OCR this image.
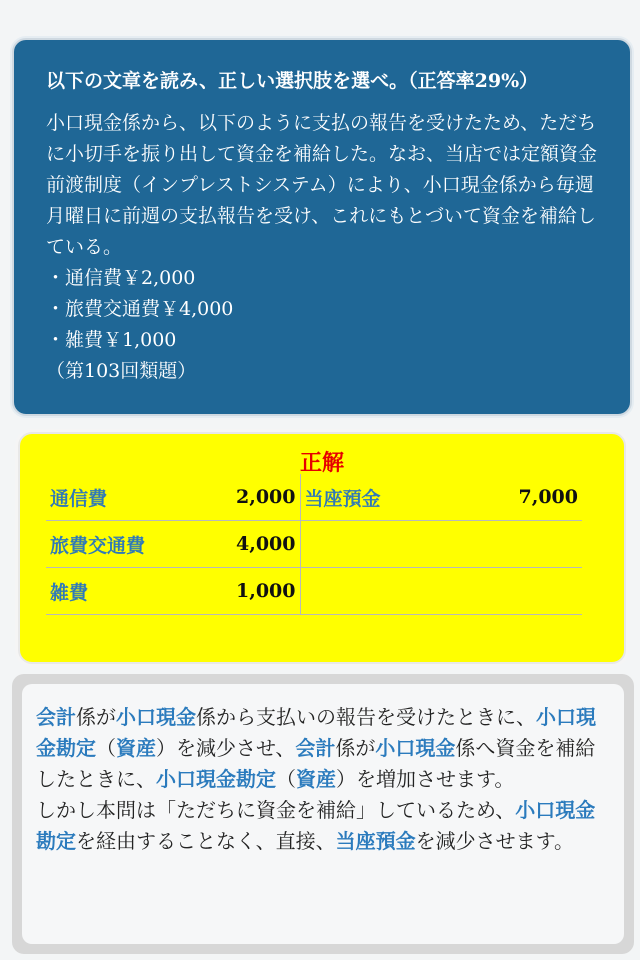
以下の文章を読み、正しい選択肢を選べ。（正答率29%）
小口現金係から、以下のように支払の報告を受けたため、ただちに小切手を振り出して資金を補給した。なお、当店では定額資金前渡制度（インプレストシステム）により、小口現金係から毎週月曜日に前週の支払報告を受け、これにもとづいて資金を補給している。
・通信費￥2,000
・旅費交通費￥4,000
・雑費￥1,000
（第103回類題）
正解
通信費	2,000	当座預金	7,000
旅費交通費	4,000		
雑費	1,000		
会計係が小口現金係から支払いの報告を受けたときに、小口現金勘定（資産）を減少させ、会計係が小口現金係へ資金を補給したときに、小口現金勘定（資産）を増加させます。
しかし本問は「ただちに資金を補給」しているため、小口現金勘定を経由することなく、直接、当座預金を減少させます。
